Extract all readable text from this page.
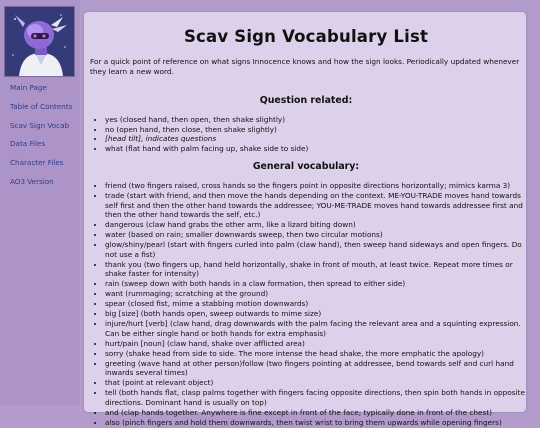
Main Page
Table of Contents
Scav Sign Vocab
Data Files
Character Files
AO3 Version
Scav Sign Vocabulary List

For a quick point of reference on what signs Innocence knows and how the sign looks. Periodically updated whenever they learn a new word.

Question related:
• yes (closed hand, then open, then shake slightly)
• no (open hand, then close, then shake slightly)
• [head tilt], indicates questions
• what (flat hand with palm facing up, shake side to side)
General vocabulary:
• friend (two fingers raised, cross hands so the fingers point in opposite directions horizontally; mimics karma 3)
• trade (start with friend, and then move the hands depending on the context. ME-YOU-TRADE moves hand towards self first and then the other hand towards the addressee; YOU-ME-TRADE moves hand towards addressee first and then the other hand towards the self, etc.)
• dangerous (claw hand grabs the other arm, like a lizard biting down)
• water (based on rain; smaller downwards sweep, then two circular motions)
• glow/shiny/pearl (start with fingers curled into palm (claw hand), then sweep hand sideways and open fingers. Do not use a fist)
• thank you (two fingers up, hand held horizontally, shake in front of mouth, at least twice. Repeat more times or shake faster for intensity)
• rain (sweep down with both hands in a claw formation, then spread to either side)
• want (rummaging; scratching at the ground)
• spear (closed fist, mime a stabbing motion downwards)
• big [size] (both hands open, sweep outwards to mime size)
• injure/hurt [verb] (claw hand, drag downwards with the palm facing the relevant area and a squinting expression. Can be either single hand or both hands for extra emphasis)
• hurt/pain [noun] (claw hand, shake over afflicted area)
• sorry (shake head from side to side. The more intense the head shake, the more emphatic the apology)
• greeting (wave hand at other person)follow (two fingers pointing at addressee, bend towards self and curl hand inwards several times)
• that (point at relevant object)
• tell (both hands flat, clasp palms together with fingers facing opposite directions, then spin both hands in opposite directions. Dominant hand is usually on top)
• and (clap hands together. Anywhere is fine except in front of the face; typically done in front of the chest)
• also (pinch fingers and hold them downwards, then twist wrist to bring them upwards while opening fingers)
